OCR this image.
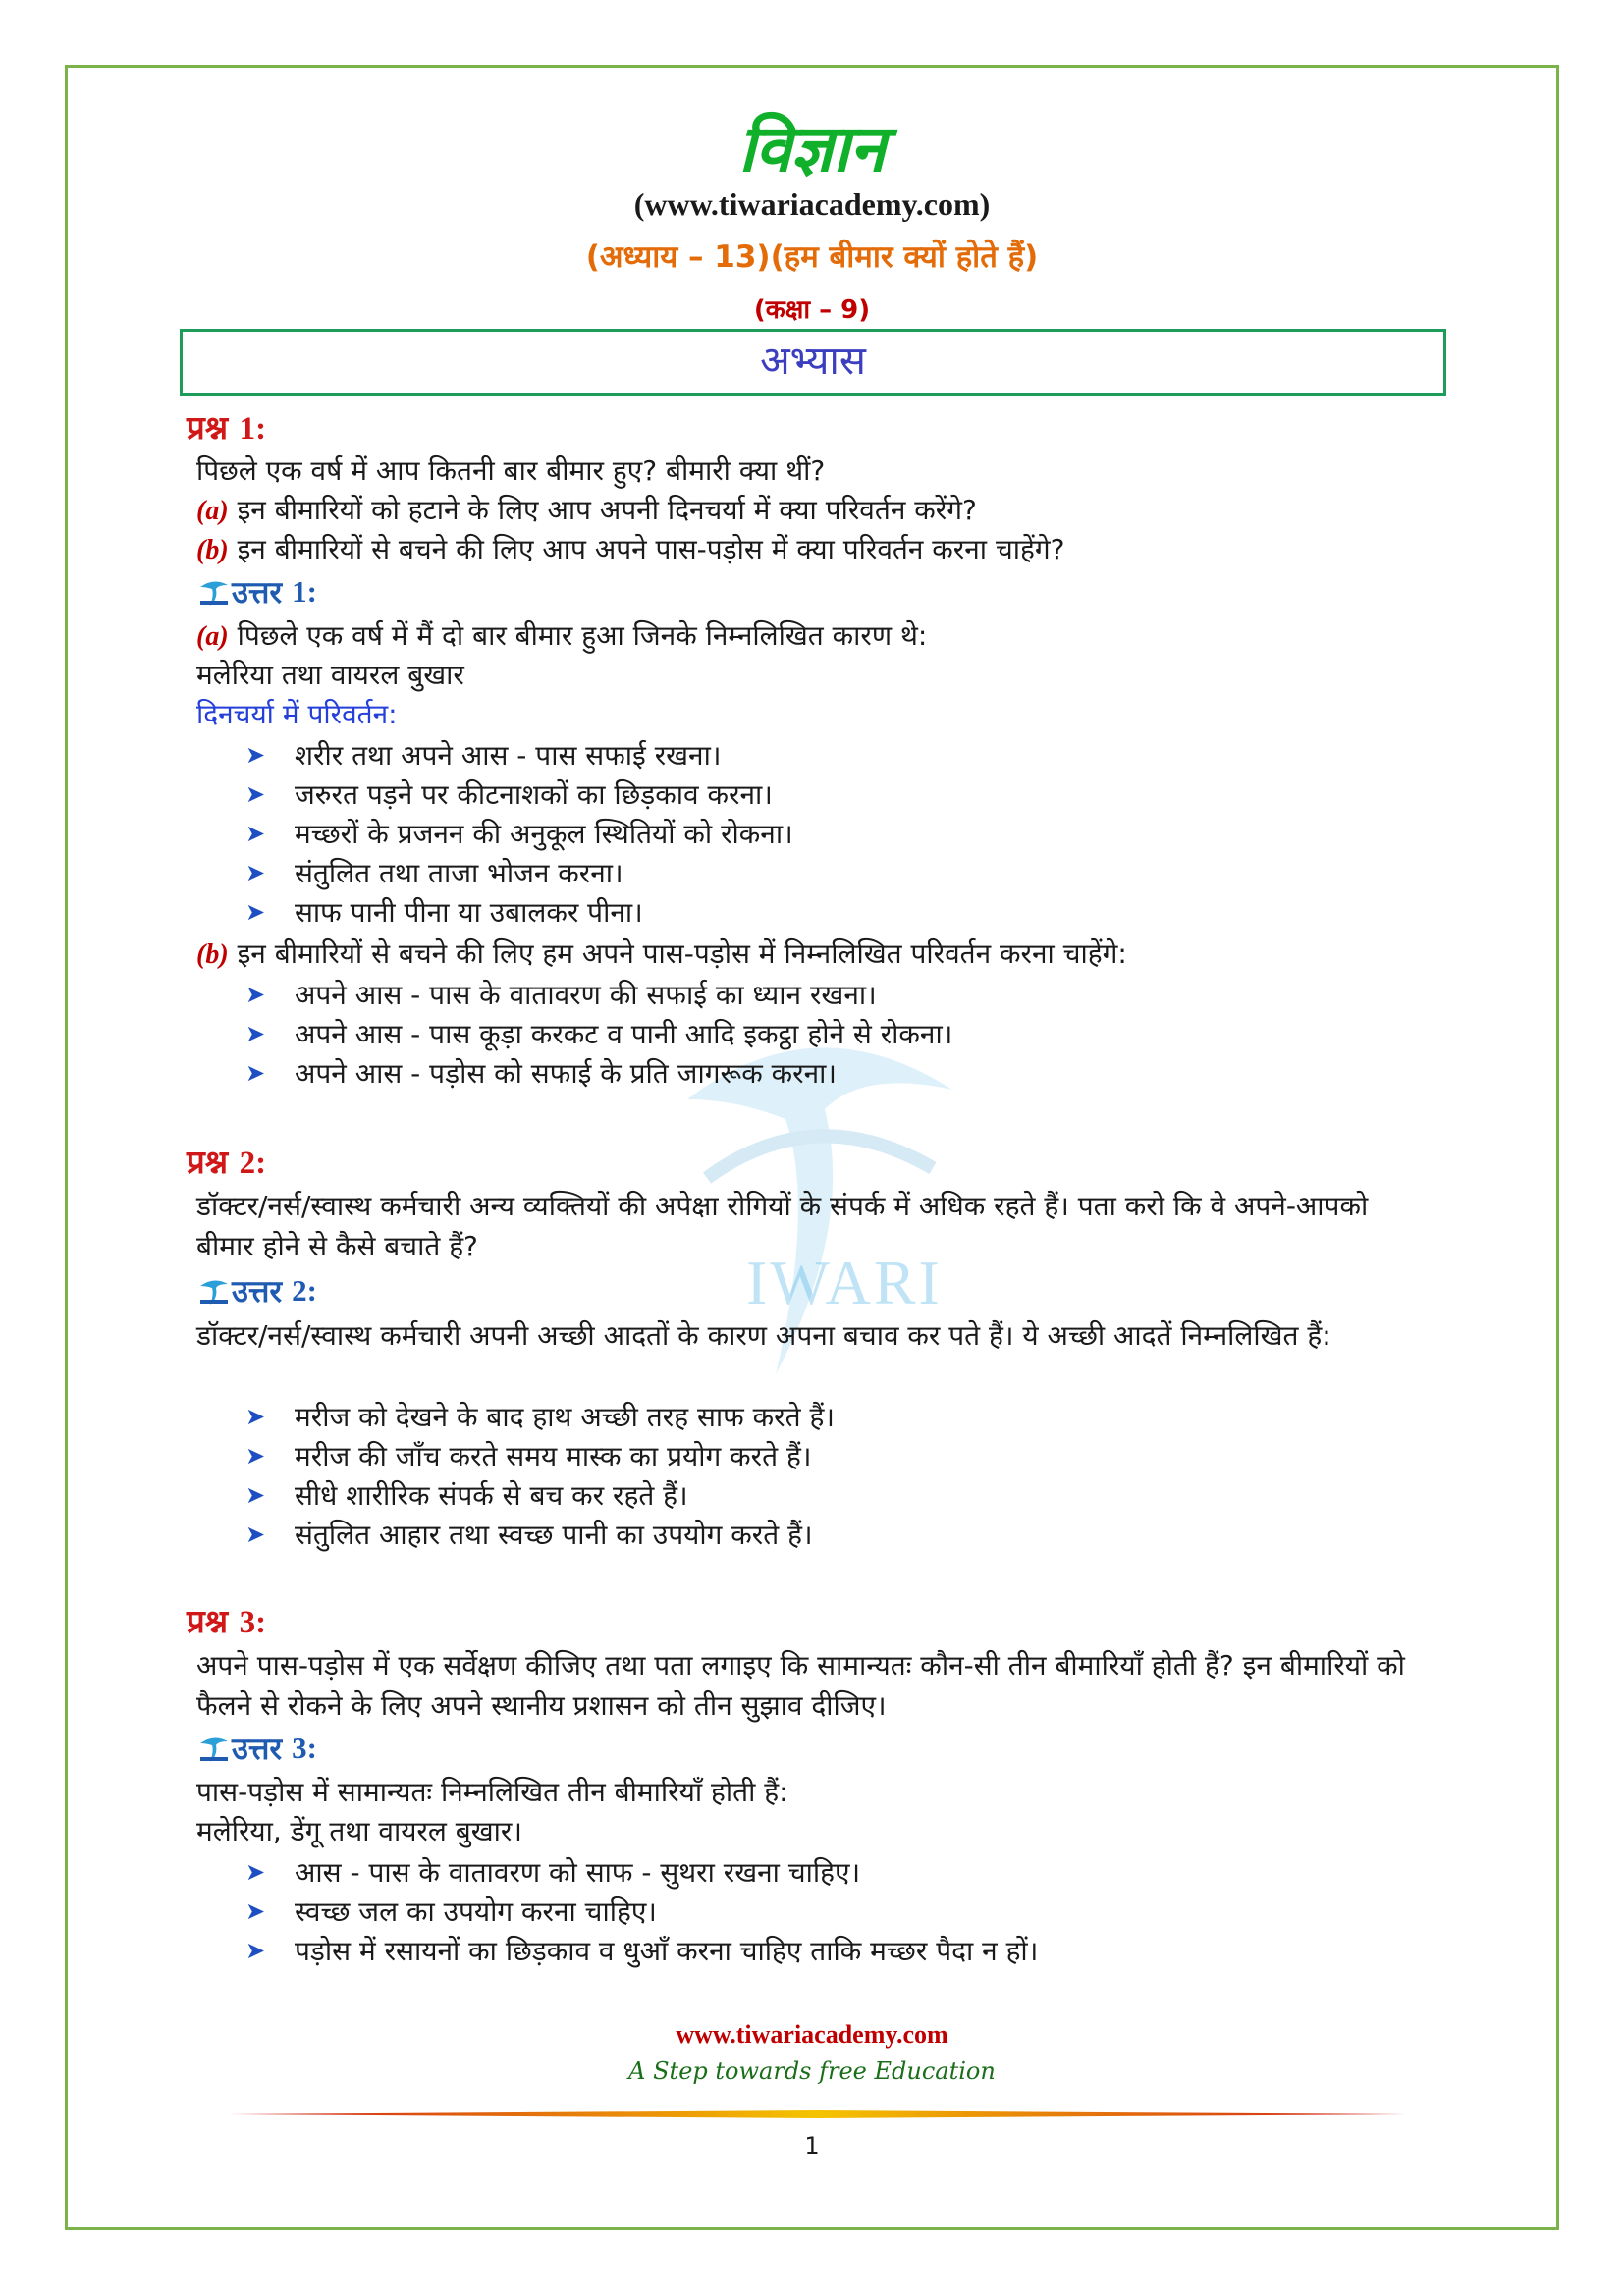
IWARI
विज्ञान
(www.tiwariacademy.com)
(अध्याय – 13)(हम बीमार क्यों होते हैं)
(कक्षा – 9)
अभ्यास
प्रश्न 1:
पिछले एक वर्ष में आप कितनी बार बीमार हुए? बीमारी क्या थीं?
(a) इन बीमारियों को हटाने के लिए आप अपनी दिनचर्या में क्या परिवर्तन करेंगे?
(b) इन बीमारियों से बचने की लिए आप अपने पास-पड़ोस में क्या परिवर्तन करना चाहेंगे?
उत्तर 1:
(a) पिछले एक वर्ष में मैं दो बार बीमार हुआ जिनके निम्नलिखित कारण थे:
मलेरिया तथा वायरल बुखार
दिनचर्या में परिवर्तन:
➤	शरीर तथा अपने आस - पास सफाई रखना।
➤	जरुरत पड़ने पर कीटनाशकों का छिड़काव करना।
➤	मच्छरों के प्रजनन की अनुकूल स्थितियों को रोकना।
➤	संतुलित तथा ताजा भोजन करना।
➤	साफ पानी पीना या उबालकर पीना।
(b) इन बीमारियों से बचने की लिए हम अपने पास-पड़ोस में निम्नलिखित परिवर्तन करना चाहेंगे:
➤	अपने आस - पास के वातावरण की सफाई का ध्यान रखना।
➤	अपने आस - पास कूड़ा करकट व पानी आदि इकट्ठा होने से रोकना।
➤	अपने आस - पड़ोस को सफाई के प्रति जागरूक करना।
प्रश्न 2:
डॉक्टर/नर्स/स्वास्थ कर्मचारी अन्य व्यक्तियों की अपेक्षा रोगियों के संपर्क में अधिक रहते हैं। पता करो कि वे अपने-आपको बीमार होने से कैसे बचाते हैं?
उत्तर 2:
डॉक्टर/नर्स/स्वास्थ कर्मचारी अपनी अच्छी आदतों के कारण अपना बचाव कर पते हैं। ये अच्छी आदतें निम्नलिखित हैं:
➤	मरीज को देखने के बाद हाथ अच्छी तरह साफ करते हैं।
➤	मरीज की जाँच करते समय मास्क का प्रयोग करते हैं।
➤	सीधे शारीरिक संपर्क से बच कर रहते हैं।
➤	संतुलित आहार तथा स्वच्छ पानी का उपयोग करते हैं।
प्रश्न 3:
अपने पास-पड़ोस में एक सर्वेक्षण कीजिए तथा पता लगाइए कि सामान्यतः कौन-सी तीन बीमारियाँ होती हैं? इन बीमारियों को फैलने से रोकने के लिए अपने स्थानीय प्रशासन को तीन सुझाव दीजिए।
उत्तर 3:
पास-पड़ोस में सामान्यतः निम्नलिखित तीन बीमारियाँ होती हैं:
मलेरिया, डेंगू तथा वायरल बुखार।
➤	आस - पास के वातावरण को साफ - सुथरा रखना चाहिए।
➤	स्वच्छ जल का उपयोग करना चाहिए।
➤	पड़ोस में रसायनों का छिड़काव व धुआँ करना चाहिए ताकि मच्छर पैदा न हों।
www.tiwariacademy.com
A Step towards free Education
1
